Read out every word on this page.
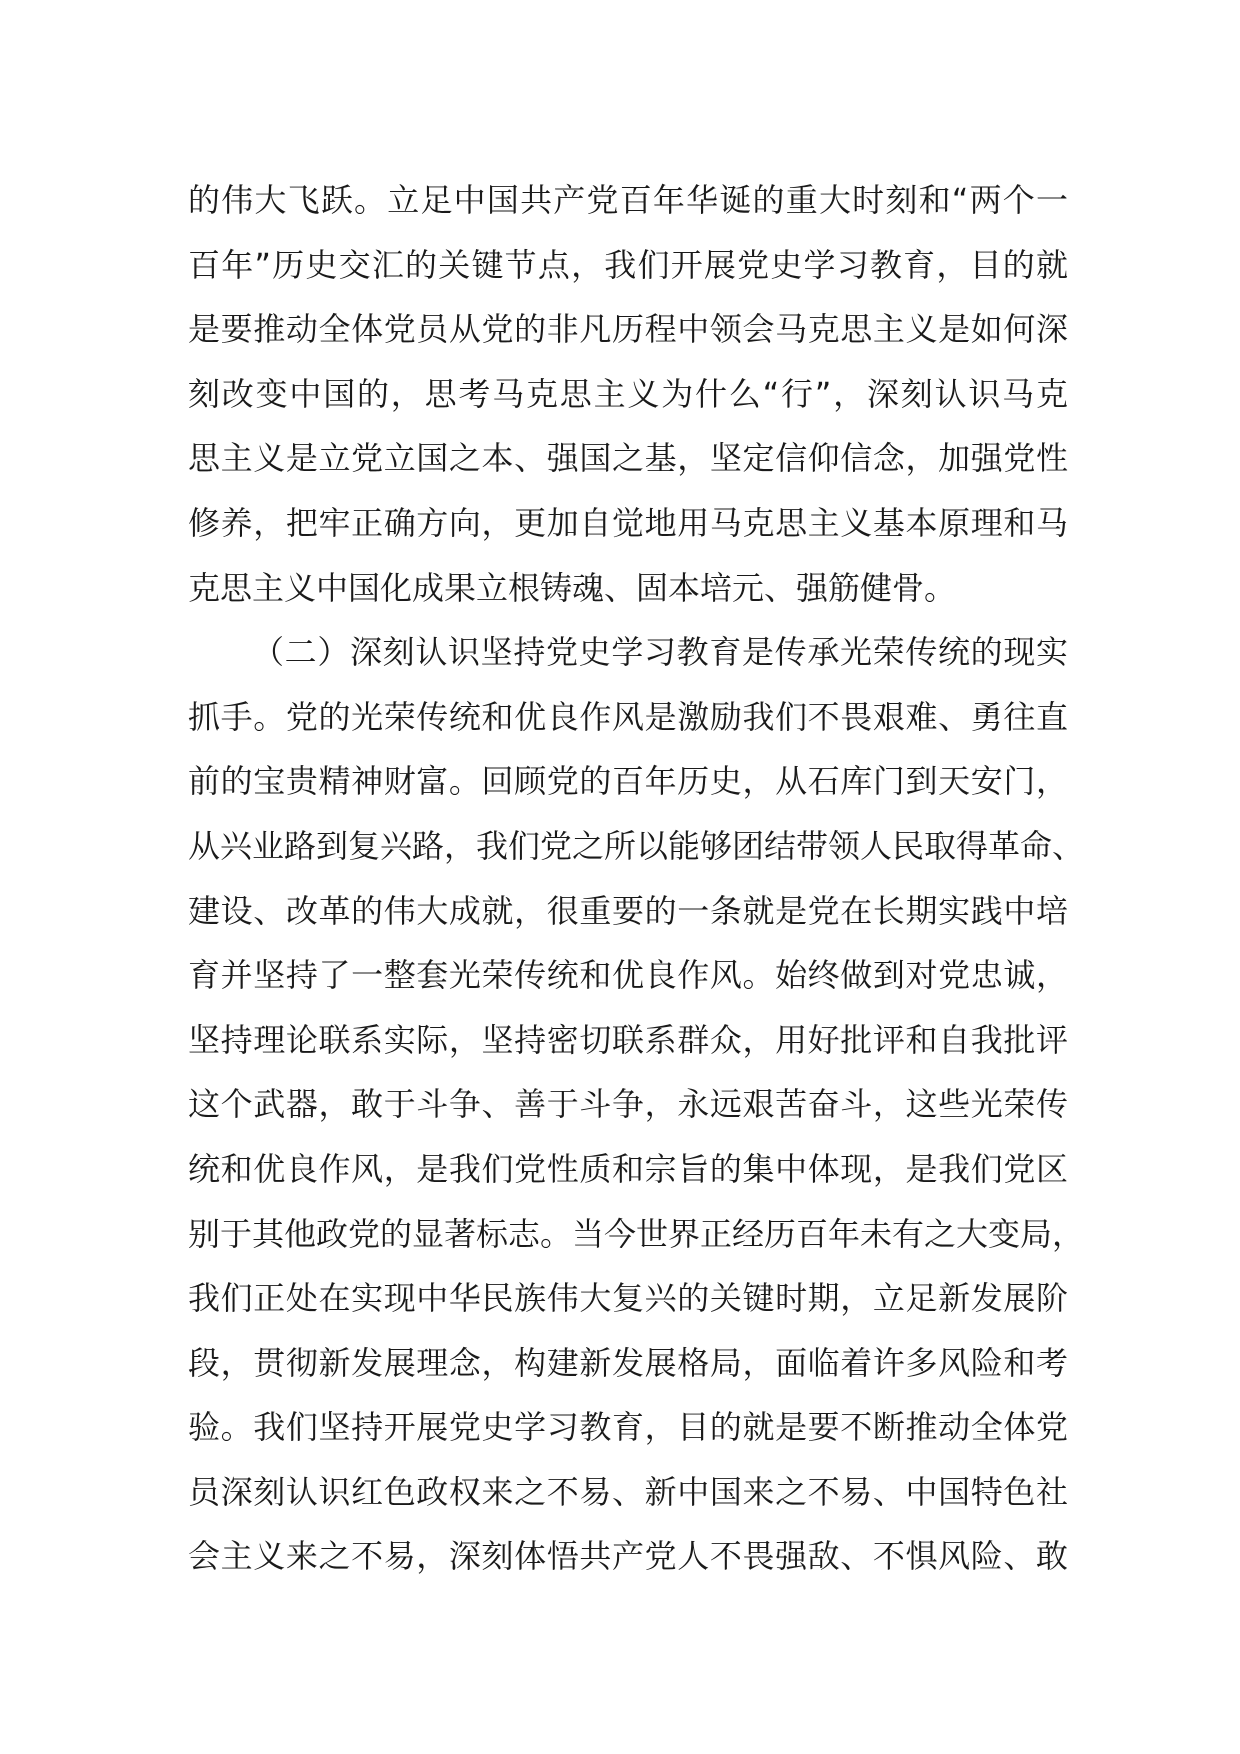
的伟大飞跃。立足中国共产党百年华诞的重大时刻和“两个一
百年”历史交汇的关键节点，我们开展党史学习教育，目的就
是要推动全体党员从党的非凡历程中领会马克思主义是如何深
刻改变中国的，思考马克思主义为什么“行”，深刻认识马克
思主义是立党立国之本、强国之基，坚定信仰信念，加强党性
修养，把牢正确方向，更加自觉地用马克思主义基本原理和马
克思主义中国化成果立根铸魂、固本培元、强筋健骨。
（二）深刻认识坚持党史学习教育是传承光荣传统的现实
抓手。党的光荣传统和优良作风是激励我们不畏艰难、勇往直
前的宝贵精神财富。回顾党的百年历史，从石库门到天安门，
从兴业路到复兴路，我们党之所以能够团结带领人民取得革命、
建设、改革的伟大成就，很重要的一条就是党在长期实践中培
育并坚持了一整套光荣传统和优良作风。始终做到对党忠诚，
坚持理论联系实际，坚持密切联系群众，用好批评和自我批评
这个武器，敢于斗争、善于斗争，永远艰苦奋斗，这些光荣传
统和优良作风，是我们党性质和宗旨的集中体现，是我们党区
别于其他政党的显著标志。当今世界正经历百年未有之大变局，
我们正处在实现中华民族伟大复兴的关键时期，立足新发展阶
段，贯彻新发展理念，构建新发展格局，面临着许多风险和考
验。我们坚持开展党史学习教育，目的就是要不断推动全体党
员深刻认识红色政权来之不易、新中国来之不易、中国特色社
会主义来之不易，深刻体悟共产党人不畏强敌、不惧风险、敢
